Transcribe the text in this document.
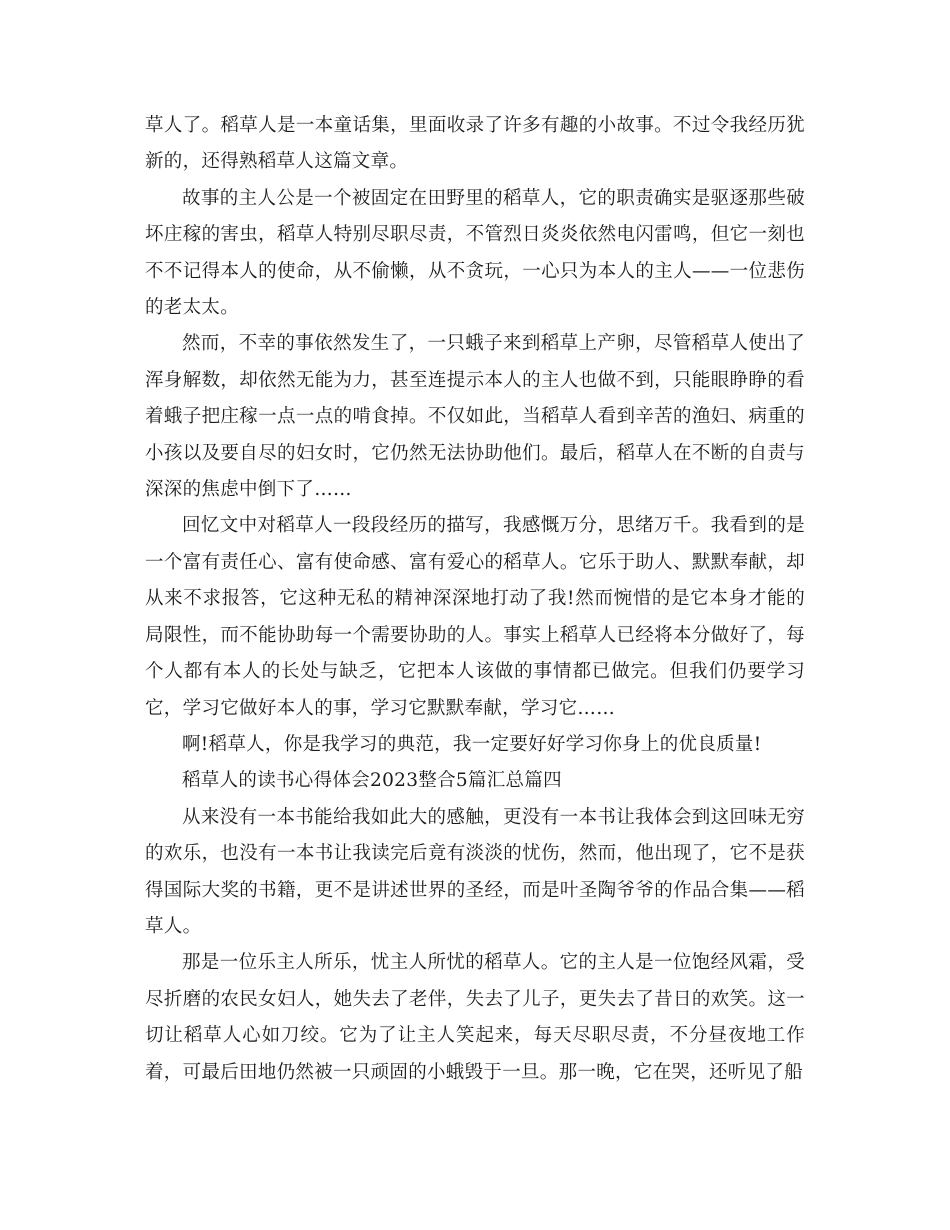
草人了。稻草人是一本童话集，里面收录了许多有趣的小故事。不过令我经历犹新的，还得熟稻草人这篇文章。

故事的主人公是一个被固定在田野里的稻草人，它的职责确实是驱逐那些破坏庄稼的害虫，稻草人特别尽职尽责，不管烈日炎炎依然电闪雷鸣，但它一刻也不不记得本人的使命，从不偷懒，从不贪玩，一心只为本人的主人——一位悲伤的老太太。

然而，不幸的事依然发生了，一只蛾子来到稻草上产卵，尽管稻草人使出了浑身解数，却依然无能为力，甚至连提示本人的主人也做不到，只能眼睁睁的看着蛾子把庄稼一点一点的啃食掉。不仅如此，当稻草人看到辛苦的渔妇、病重的小孩以及要自尽的妇女时，它仍然无法协助他们。最后，稻草人在不断的自责与深深的焦虑中倒下了……

回忆文中对稻草人一段段经历的描写，我感慨万分，思绪万千。我看到的是一个富有责任心、富有使命感、富有爱心的稻草人。它乐于助人、默默奉献，却从来不求报答，它这种无私的精神深深地打动了我!然而惋惜的是它本身才能的局限性，而不能协助每一个需要协助的人。事实上稻草人已经将本分做好了，每个人都有本人的长处与缺乏，它把本人该做的事情都已做完。但我们仍要学习它，学习它做好本人的事，学习它默默奉献，学习它……

啊!稻草人，你是我学习的典范，我一定要好好学习你身上的优良质量!

稻草人的读书心得体会2023整合5篇汇总篇四

从来没有一本书能给我如此大的感触，更没有一本书让我体会到这回味无穷的欢乐，也没有一本书让我读完后竟有淡淡的忧伤，然而，他出现了，它不是获得国际大奖的书籍，更不是讲述世界的圣经，而是叶圣陶爷爷的作品合集——稻草人。

那是一位乐主人所乐，忧主人所忧的稻草人。它的主人是一位饱经风霜，受尽折磨的农民女妇人，她失去了老伴，失去了儿子，更失去了昔日的欢笑。这一切让稻草人心如刀绞。它为了让主人笑起来，每天尽职尽责，不分昼夜地工作着，可最后田地仍然被一只顽固的小蛾毁于一旦。那一晚，它在哭，还听见了船
